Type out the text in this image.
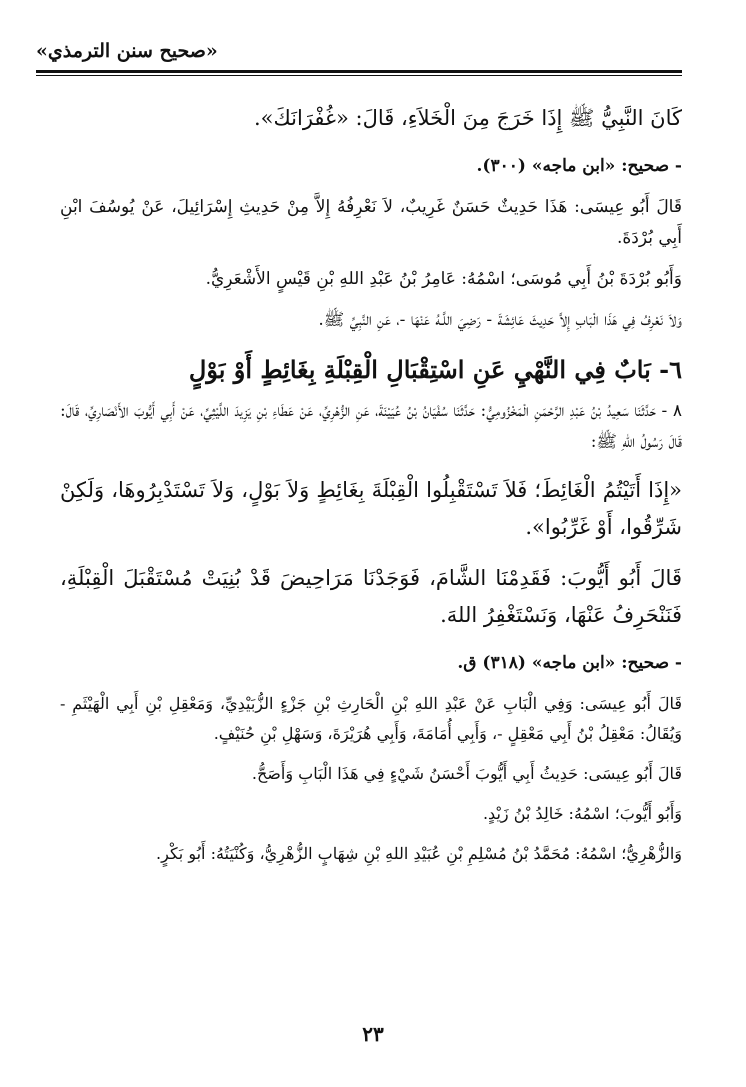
«صحيح سنن الترمذي»

كَانَ النَّبِيُّ ﷺ إِذَا خَرَجَ مِنَ الْخَلاَءِ، قَالَ: «غُفْرَانَكَ».

- صحيح: «ابن ماجه» (٣٠٠).

قَالَ أَبُو عِيسَى: هَذَا حَدِيثٌ حَسَنٌ غَرِيبٌ، لاَ نَعْرِفُهُ إِلاَّ مِنْ حَدِيثِ إِسْرَائِيلَ، عَنْ يُوسُفَ ابْنِ أَبِي بُرْدَةَ.

وَأَبُو بُرْدَةَ بْنُ أَبِي مُوسَى؛ اسْمُهُ: عَامِرُ بْنُ عَبْدِ اللهِ بْنِ قَيْسٍ الأَشْعَرِيُّ.

وَلاَ نَعْرِفُ فِي هَذَا الْبَابِ إِلاَّ حَدِيثَ عَائِشَةَ - رَضِيَ اللَّـهُ عَنْهَا -، عَنِ النَّبِيِّ ﷺ.

٦- بَابٌ فِي النَّهْيِ عَنِ اسْتِقْبَالِ الْقِبْلَةِ بِغَائِطٍ أَوْ بَوْلٍ

٨ - حَدَّثَنَا سَعِيدُ بْنُ عَبْدِ الرَّحْمَنِ الْمَخْزُومِيُّ: حَدَّثَنَا سُفْيَانُ بْنُ عُيَيْنَةَ، عَنِ الزُّهْرِيِّ، عَنْ عَطَاءِ بْنِ يَزِيدَ اللَّيْثِيِّ، عَنْ أَبِي أَيُّوبَ الأَنْصَارِيِّ، قَالَ: قَالَ رَسُولُ اللهِ ﷺ:

«إِذَا أَتَيْتُمُ الْغَائِطَ؛ فَلاَ تَسْتَقْبِلُوا الْقِبْلَةَ بِغَائِطٍ وَلاَ بَوْلٍ، وَلاَ تَسْتَدْبِرُوهَا، وَلَكِنْ شَرِّقُوا، أَوْ غَرِّبُوا».

قَالَ أَبُو أَيُّوبَ: فَقَدِمْنَا الشَّامَ، فَوَجَدْنَا مَرَاحِيضَ قَدْ بُنِيَتْ مُسْتَقْبَلَ الْقِبْلَةِ، فَنَنْحَرِفُ عَنْهَا، وَنَسْتَغْفِرُ اللهَ.

- صحيح: «ابن ماجه» (٣١٨) ق.

قَالَ أَبُو عِيسَى: وَفِي الْبَابِ عَنْ عَبْدِ اللهِ بْنِ الْحَارِثِ بْنِ جَزْءٍ الزُّبَيْدِيِّ، وَمَعْقِلِ بْنِ أَبِي الْهَيْثَمِ - وَيُقَالُ: مَعْقِلُ بْنُ أَبِي مَعْقِلٍ -، وَأَبِي أُمَامَةَ، وَأَبِي هُرَيْرَةَ، وَسَهْلِ بْنِ حُنَيْفٍ.

قَالَ أَبُو عِيسَى: حَدِيثُ أَبِي أَيُّوبَ أَحْسَنُ شَيْءٍ فِي هَذَا الْبَابِ وَأَصَحُّ.

وَأَبُو أَيُّوبَ؛ اسْمُهُ: خَالِدُ بْنُ زَيْدٍ.

وَالزُّهْرِيُّ؛ اسْمُهُ: مُحَمَّدُ بْنُ مُسْلِمِ بْنِ عُبَيْدِ اللهِ بْنِ شِهَابٍ الزُّهْرِيُّ، وَكُنْيَتُهُ: أَبُو بَكْرٍ.

٢٣
